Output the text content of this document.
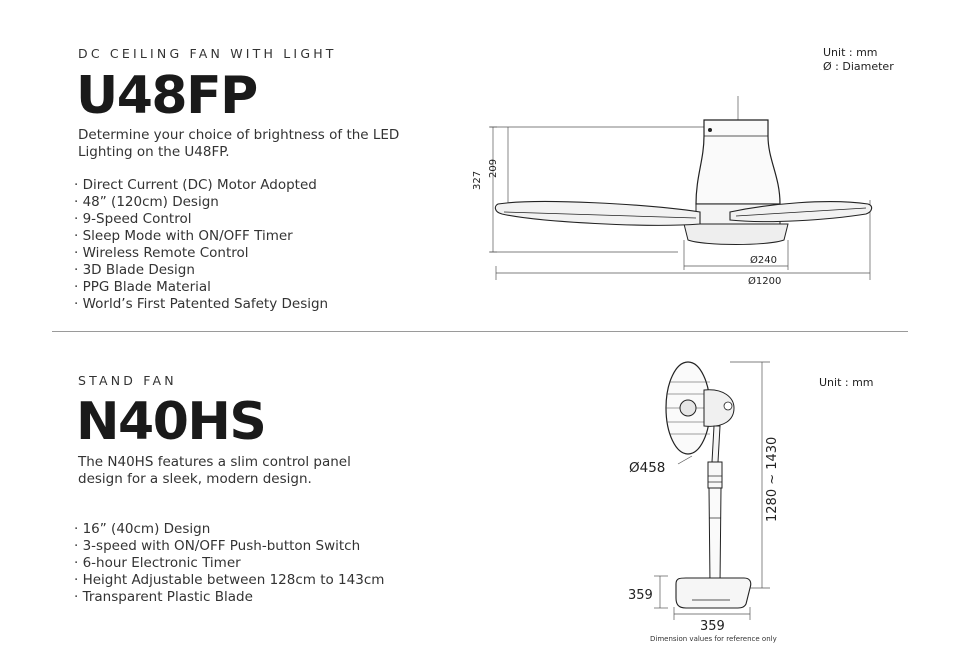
DC CEILING FAN WITH LIGHT
U48FP
Determine your choice of brightness of the LED Lighting on the U48FP.
· Direct Current (DC) Motor Adopted
· 48” (120cm) Design
· 9-Speed Control
· Sleep Mode with ON/OFF Timer
· Wireless Remote Control
· 3D Blade Design
· PPG Blade Material
· World’s First Patented Safety Design
Unit : mm
Ø : Diameter
327
209
Ø240
Ø1200
STAND FAN
N40HS
The N40HS features a slim control panel design for a sleek, modern design.
· 16” (40cm) Design
· 3-speed with ON/OFF Push-button Switch
· 6-hour Electronic Timer
· Height Adjustable between 128cm to 143cm
· Transparent Plastic Blade
Unit : mm
Ø458	1280 ~ 1430
359
359
Dimension values for reference only
